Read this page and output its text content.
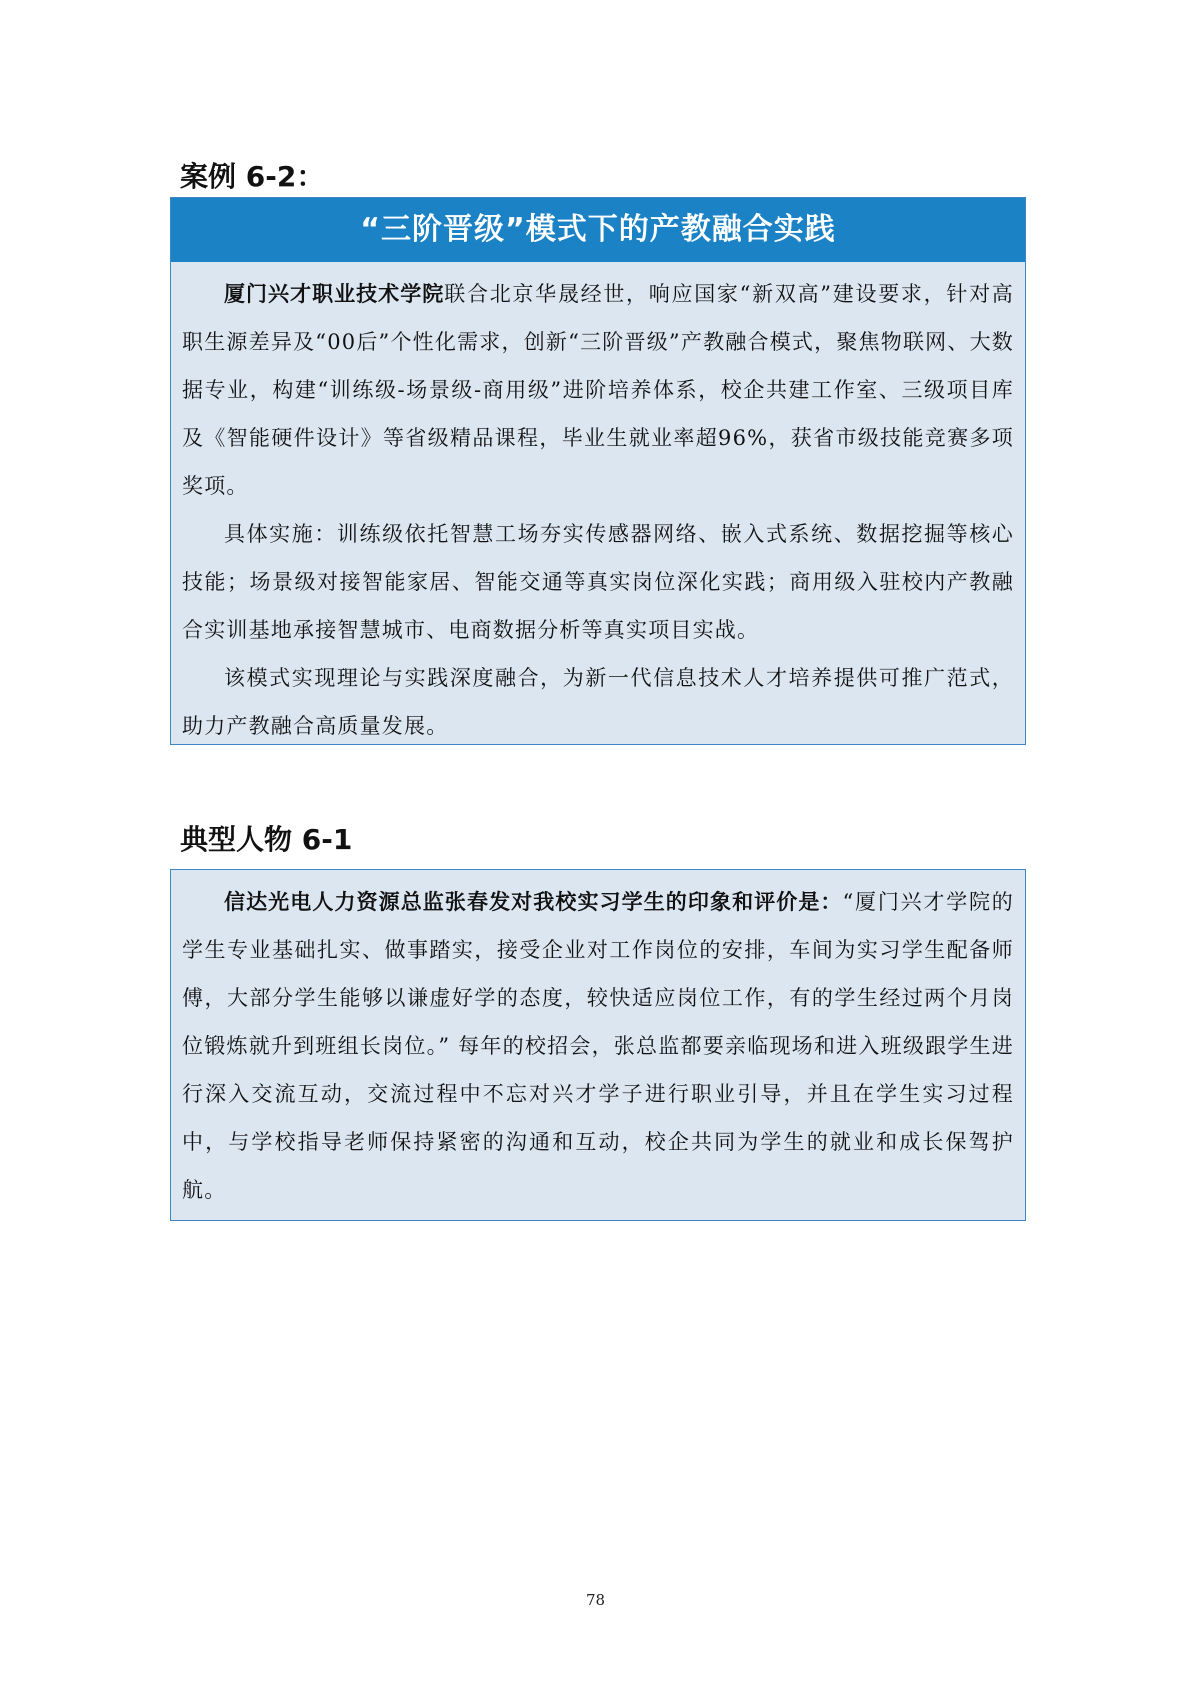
案例 6-2：
“三阶晋级”模式下的产教融合实践

厦门兴才职业技术学院联合北京华晟经世，响应国家“新双高”建设要求，针对高职生源差异及“00后”个性化需求，创新“三阶晋级”产教融合模式，聚焦物联网、大数据专业，构建“训练级-场景级-商用级”进阶培养体系，校企共建工作室、三级项目库及《智能硬件设计》等省级精品课程，毕业生就业率超96%，获省市级技能竞赛多项奖项。

具体实施：训练级依托智慧工场夯实传感器网络、嵌入式系统、数据挖掘等核心技能；场景级对接智能家居、智能交通等真实岗位深化实践；商用级入驻校内产教融合实训基地承接智慧城市、电商数据分析等真实项目实战。

该模式实现理论与实践深度融合，为新一代信息技术人才培养提供可推广范式，助力产教融合高质量发展。

典型人物 6-1

信达光电人力资源总监张春发对我校实习学生的印象和评价是：“厦门兴才学院的学生专业基础扎实、做事踏实，接受企业对工作岗位的安排，车间为实习学生配备师傅，大部分学生能够以谦虚好学的态度，较快适应岗位工作，有的学生经过两个月岗位锻炼就升到班组长岗位。” 每年的校招会，张总监都要亲临现场和进入班级跟学生进行深入交流互动，交流过程中不忘对兴才学子进行职业引导，并且在学生实习过程中，与学校指导老师保持紧密的沟通和互动，校企共同为学生的就业和成长保驾护航。

78
